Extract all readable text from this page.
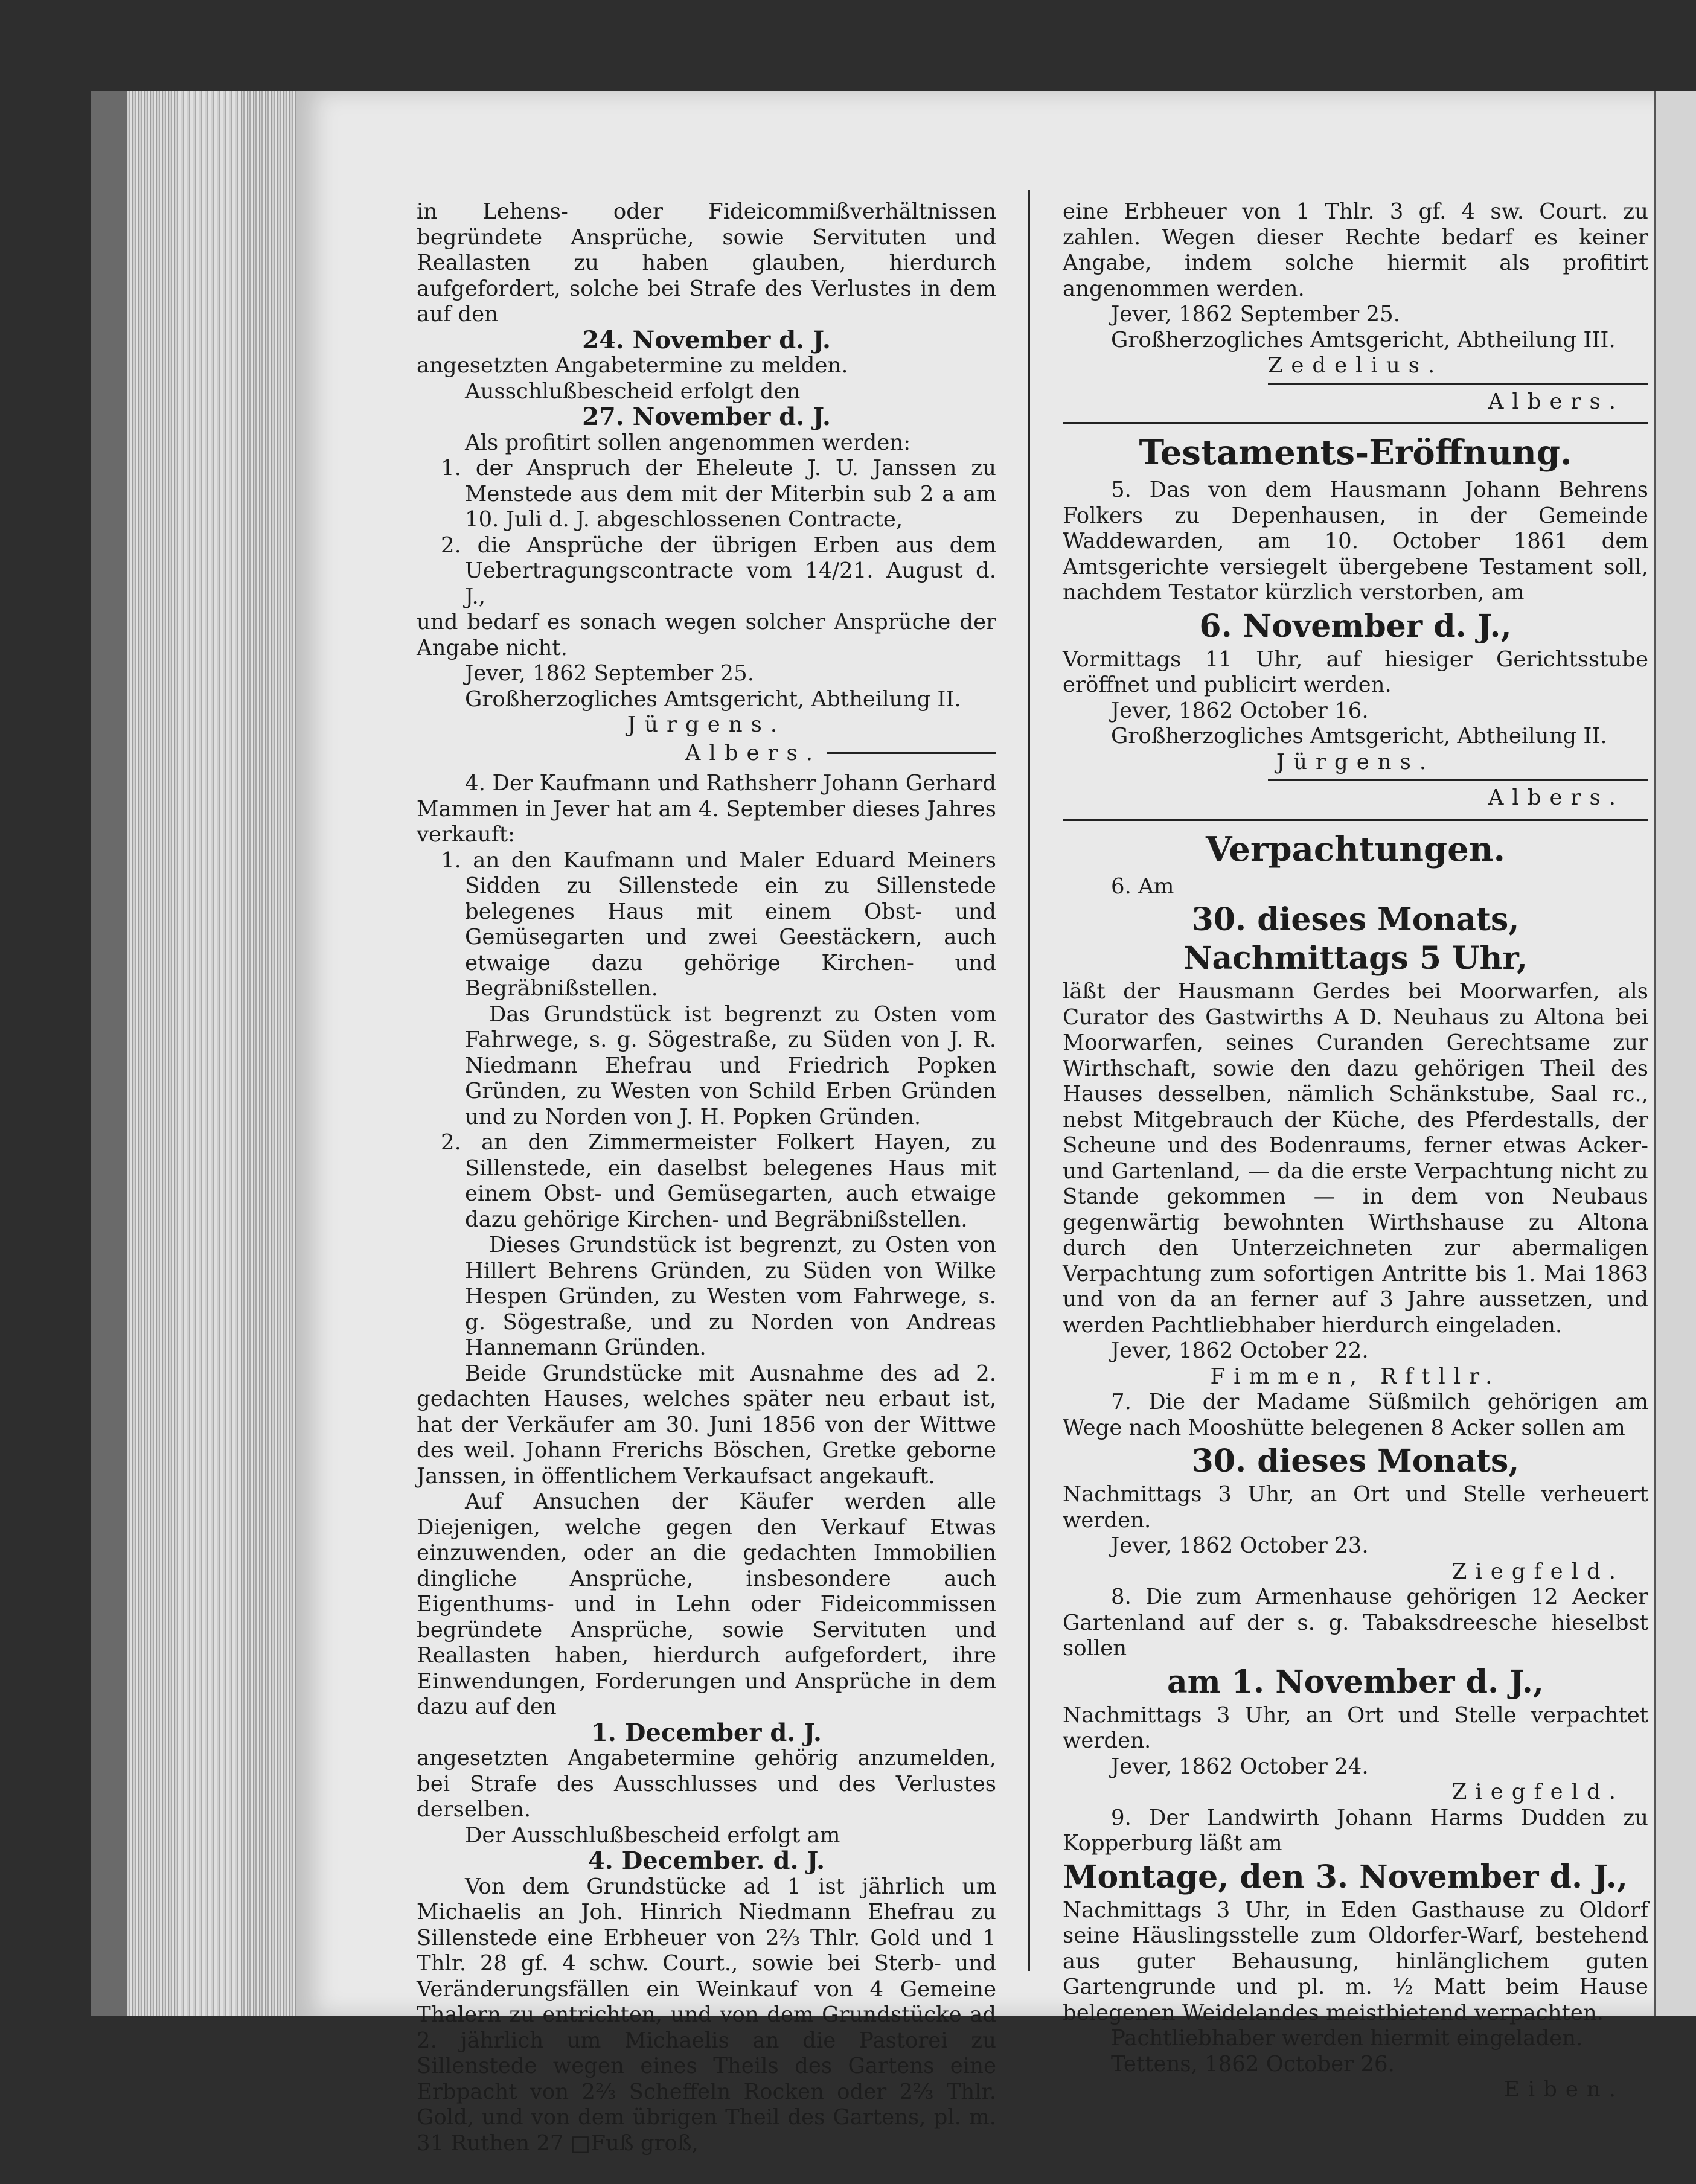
in Lehens- oder Fideicommißverhältnissen begründete Ansprüche, sowie Servituten und Reallasten zu haben glauben, hierdurch aufgefordert, solche bei Strafe des Verlustes in dem auf den

24. November d. J.

angesetzten Angabetermine zu melden.

Ausschlußbescheid erfolgt den

27. November d. J.

Als profitirt sollen angenommen werden:

1. der Anspruch der Eheleute J. U. Janssen zu Menstede aus dem mit der Miterbin sub 2 a am 10. Juli d. J. abgeschlossenen Contracte,

2. die Ansprüche der übrigen Erben aus dem Uebertragungscontracte vom 14/21. August d. J.,

und bedarf es sonach wegen solcher Ansprüche der Angabe nicht.

Jever, 1862 September 25.

Großherzogliches Amtsgericht, Abtheilung II.

Jürgens.

Albers.

4. Der Kaufmann und Rathsherr Johann Gerhard Mammen in Jever hat am 4. September dieses Jahres verkauft:

1. an den Kaufmann und Maler Eduard Meiners Sidden zu Sillenstede ein zu Sillenstede belegenes Haus mit einem Obst- und Gemüsegarten und zwei Geestäckern, auch etwaige dazu gehörige Kirchen- und Begräbnißstellen.

Das Grundstück ist begrenzt zu Osten vom Fahrwege, s. g. Sögestraße, zu Süden von J. R. Niedmann Ehefrau und Friedrich Popken Gründen, zu Westen von Schild Erben Gründen und zu Norden von J. H. Popken Gründen.

2. an den Zimmermeister Folkert Hayen, zu Sillenstede, ein daselbst belegenes Haus mit einem Obst- und Gemüsegarten, auch etwaige dazu gehörige Kirchen- und Begräbnißstellen.

Dieses Grundstück ist begrenzt, zu Osten von Hillert Behrens Gründen, zu Süden von Wilke Hespen Gründen, zu Westen vom Fahrwege, s. g. Sögestraße, und zu Norden von Andreas Hannemann Gründen.

Beide Grundstücke mit Ausnahme des ad 2. gedachten Hauses, welches später neu erbaut ist, hat der Verkäufer am 30. Juni 1856 von der Wittwe des weil. Johann Frerichs Böschen, Gretke geborne Janssen, in öffentlichem Verkaufsact angekauft.

Auf Ansuchen der Käufer werden alle Diejenigen, welche gegen den Verkauf Etwas einzuwenden, oder an die gedachten Immobilien dingliche Ansprüche, insbesondere auch Eigenthums- und in Lehn oder Fideicommissen begründete Ansprüche, sowie Servituten und Reallasten haben, hierdurch aufgefordert, ihre Einwendungen, Forderungen und Ansprüche in dem dazu auf den

1. December d. J.

angesetzten Angabetermine gehörig anzumelden, bei Strafe des Ausschlusses und des Verlustes derselben.

Der Ausschlußbescheid erfolgt am

4. December. d. J.

Von dem Grundstücke ad 1 ist jährlich um Michaelis an Joh. Hinrich Niedmann Ehefrau zu Sillenstede eine Erbheuer von 2⅔ Thlr. Gold und 1 Thlr. 28 gf. 4 schw. Court., sowie bei Sterb- und Veränderungsfällen ein Weinkauf von 4 Gemeine Thalern zu entrichten, und von dem Grundstücke ad 2. jährlich um Michaelis an die Pastorei zu Sillenstede wegen eines Theils des Gartens eine Erbpacht von 2⅔ Scheffeln Rocken oder 2⅔ Thlr. Gold, und von dem übrigen Theil des Gartens, pl. m. 31 Ruthen 27 □Fuß groß,

eine Erbheuer von 1 Thlr. 3 gf. 4 sw. Court. zu zahlen. Wegen dieser Rechte bedarf es keiner Angabe, indem solche hiermit als profitirt angenommen werden.

Jever, 1862 September 25.

Großherzogliches Amtsgericht, Abtheilung III.

Zedelius.

Albers.

Testaments-Eröffnung.

5. Das von dem Hausmann Johann Behrens Folkers zu Depenhausen, in der Gemeinde Waddewarden, am 10. October 1861 dem Amtsgerichte versiegelt übergebene Testament soll, nachdem Testator kürzlich verstorben, am

6. November d. J.,

Vormittags 11 Uhr, auf hiesiger Gerichtsstube eröffnet und publicirt werden.

Jever, 1862 October 16.

Großherzogliches Amtsgericht, Abtheilung II.

Jürgens.

Albers.

Verpachtungen.

6. Am

30. dieses Monats,

Nachmittags 5 Uhr,

läßt der Hausmann Gerdes bei Moorwarfen, als Curator des Gastwirths A D. Neuhaus zu Altona bei Moorwarfen, seines Curanden Gerechtsame zur Wirthschaft, sowie den dazu gehörigen Theil des Hauses desselben, nämlich Schänkstube, Saal rc., nebst Mitgebrauch der Küche, des Pferdestalls, der Scheune und des Bodenraums, ferner etwas Acker- und Gartenland, — da die erste Verpachtung nicht zu Stande gekommen — in dem von Neubaus gegenwärtig bewohnten Wirthshause zu Altona durch den Unterzeichneten zur abermaligen Verpachtung zum sofortigen Antritte bis 1. Mai 1863 und von da an ferner auf 3 Jahre aussetzen, und werden Pachtliebhaber hierdurch eingeladen.

Jever, 1862 October 22.

Fimmen, Rftllr.

7. Die der Madame Süßmilch gehörigen am Wege nach Mooshütte belegenen 8 Acker sollen am

30. dieses Monats,

Nachmittags 3 Uhr, an Ort und Stelle verheuert werden.

Jever, 1862 October 23.

Ziegfeld.

8. Die zum Armenhause gehörigen 12 Aecker Gartenland auf der s. g. Tabaksdreesche hieselbst sollen

am 1. November d. J.,

Nachmittags 3 Uhr, an Ort und Stelle verpachtet werden.

Jever, 1862 October 24.

Ziegfeld.

9. Der Landwirth Johann Harms Dudden zu Kopperburg läßt am

Montage, den 3. November d. J.,

Nachmittags 3 Uhr, in Eden Gasthause zu Oldorf seine Häuslingsstelle zum Oldorfer-Warf, bestehend aus guter Behausung, hinlänglichem guten Gartengrunde und pl. m. ½ Matt beim Hause belegenen Weidelandes meistbietend verpachten.

Pachtliebhaber werden hiermit eingeladen.

Tettens, 1862 October 26.

Eiben.
